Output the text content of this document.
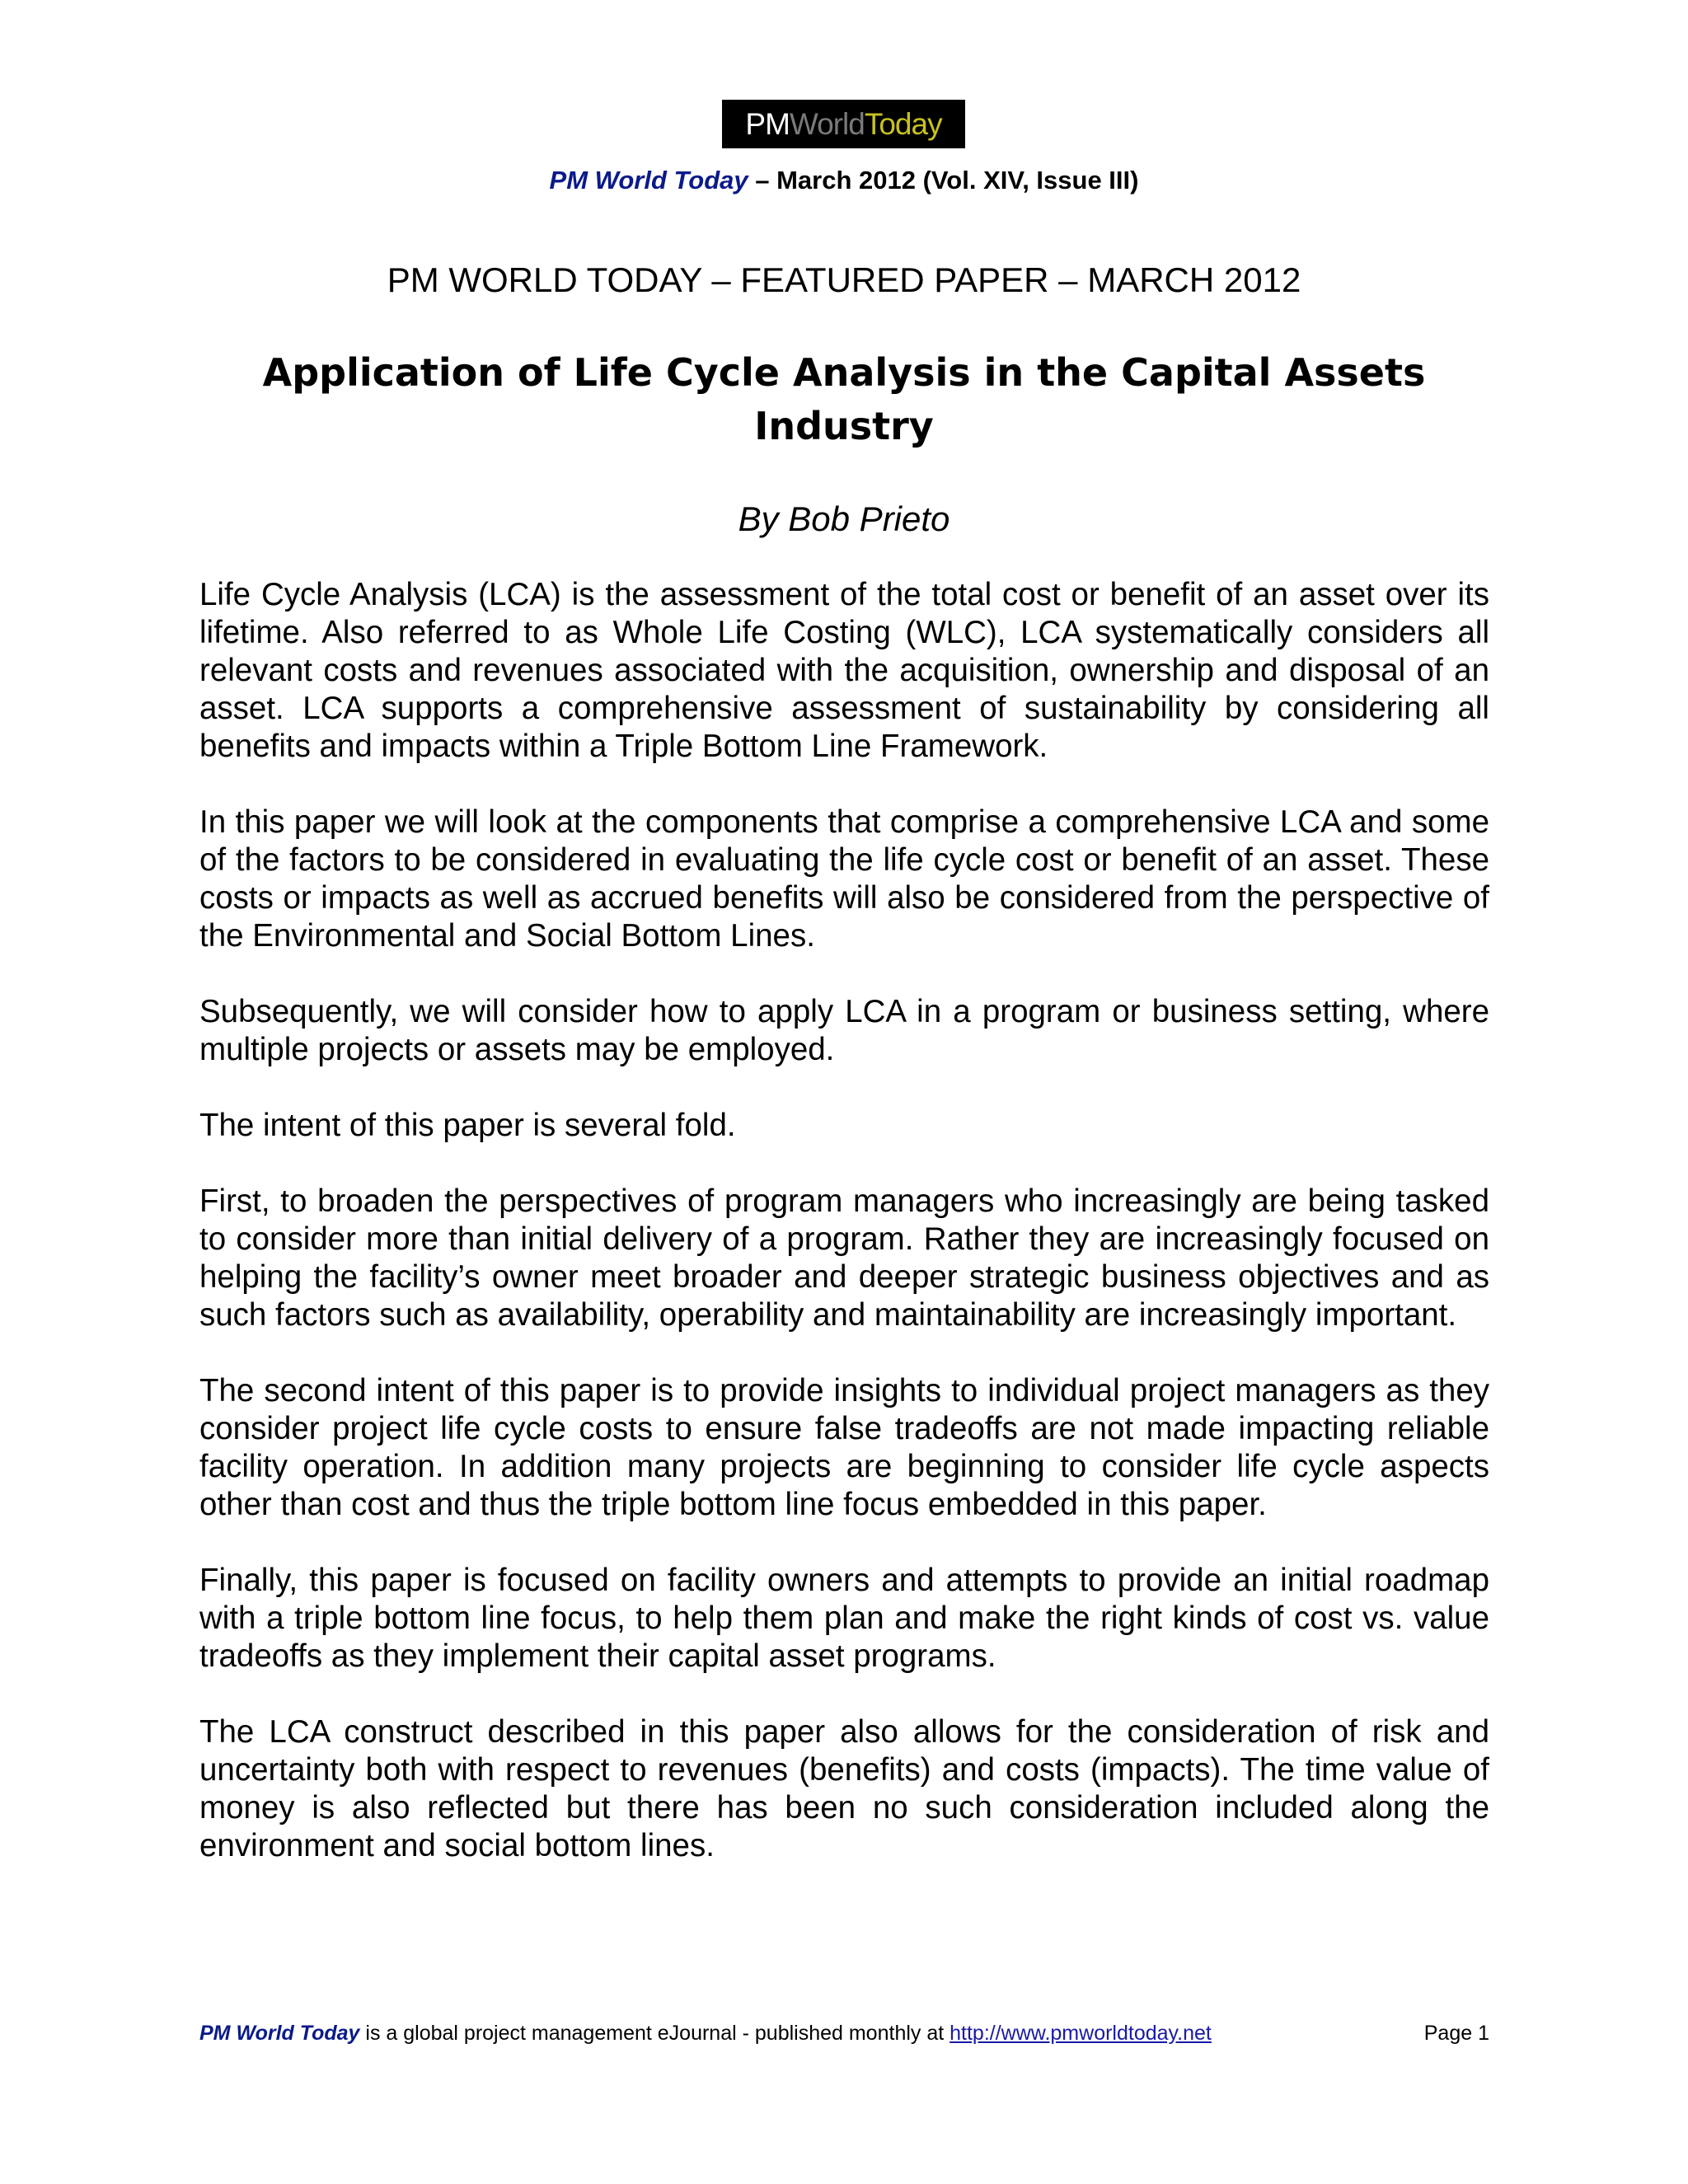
PM World Today
PM World Today – March 2012 (Vol. XIV, Issue III)
PM WORLD TODAY – FEATURED PAPER – MARCH 2012
Application of Life Cycle Analysis in the Capital Assets Industry
By Bob Prieto

Life Cycle Analysis (LCA) is the assessment of the total cost or benefit of an asset over its lifetime. Also referred to as Whole Life Costing (WLC), LCA systematically considers all relevant costs and revenues associated with the acquisition, ownership and disposal of an asset. LCA supports a comprehensive assessment of sustainability by considering all benefits and impacts within a Triple Bottom Line Framework.

In this paper we will look at the components that comprise a comprehensive LCA and some of the factors to be considered in evaluating the life cycle cost or benefit of an asset. These costs or impacts as well as accrued benefits will also be considered from the perspective of the Environmental and Social Bottom Lines.

Subsequently, we will consider how to apply LCA in a program or business setting, where multiple projects or assets may be employed.

The intent of this paper is several fold.

First, to broaden the perspectives of program managers who increasingly are being tasked to consider more than initial delivery of a program. Rather they are increasingly focused on helping the facility’s owner meet broader and deeper strategic business objectives and as such factors such as availability, operability and maintainability are increasingly important.

The second intent of this paper is to provide insights to individual project managers as they consider project life cycle costs to ensure false tradeoffs are not made impacting reliable facility operation. In addition many projects are beginning to consider life cycle aspects other than cost and thus the triple bottom line focus embedded in this paper.

Finally, this paper is focused on facility owners and attempts to provide an initial roadmap with a triple bottom line focus, to help them plan and make the right kinds of cost vs. value tradeoffs as they implement their capital asset programs.

The LCA construct described in this paper also allows for the consideration of risk and uncertainty both with respect to revenues (benefits) and costs (impacts). The time value of money is also reflected but there has been no such consideration included along the environment and social bottom lines.

PM World Today is a global project management eJournal - published monthly at http://www.pmworldtoday.net	Page 1
